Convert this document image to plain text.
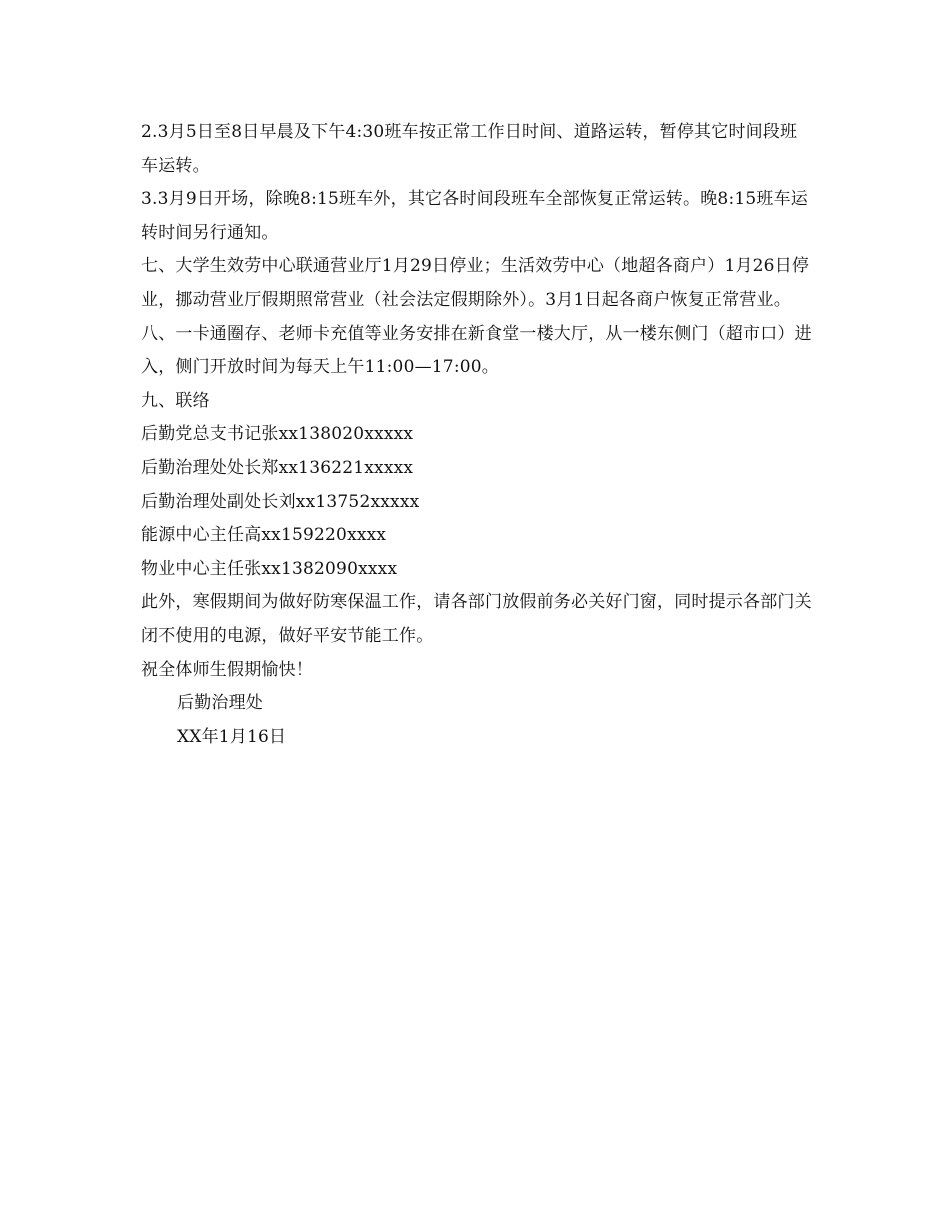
2.3月5日至8日早晨及下午4:30班车按正常工作日时间、道路运转，暂停其它时间段班车运转。

3.3月9日开场，除晚8:15班车外，其它各时间段班车全部恢复正常运转。晚8:15班车运转时间另行通知。

七、大学生效劳中心联通营业厅1月29日停业；生活效劳中心（地超各商户）1月26日停业，挪动营业厅假期照常营业（社会法定假期除外）。3月1日起各商户恢复正常营业。

八、一卡通圈存、老师卡充值等业务安排在新食堂一楼大厅，从一楼东侧门（超市口）进入，侧门开放时间为每天上午11:00—17:00。

九、联络

后勤党总支书记张xx138020xxxxx

后勤治理处处长郑xx136221xxxxx

后勤治理处副处长刘xx13752xxxxx

能源中心主任高xx159220xxxx

物业中心主任张xx1382090xxxx

此外，寒假期间为做好防寒保温工作，请各部门放假前务必关好门窗，同时提示各部门关闭不使用的电源，做好平安节能工作。

祝全体师生假期愉快！

后勤治理处

XX年1月16日
